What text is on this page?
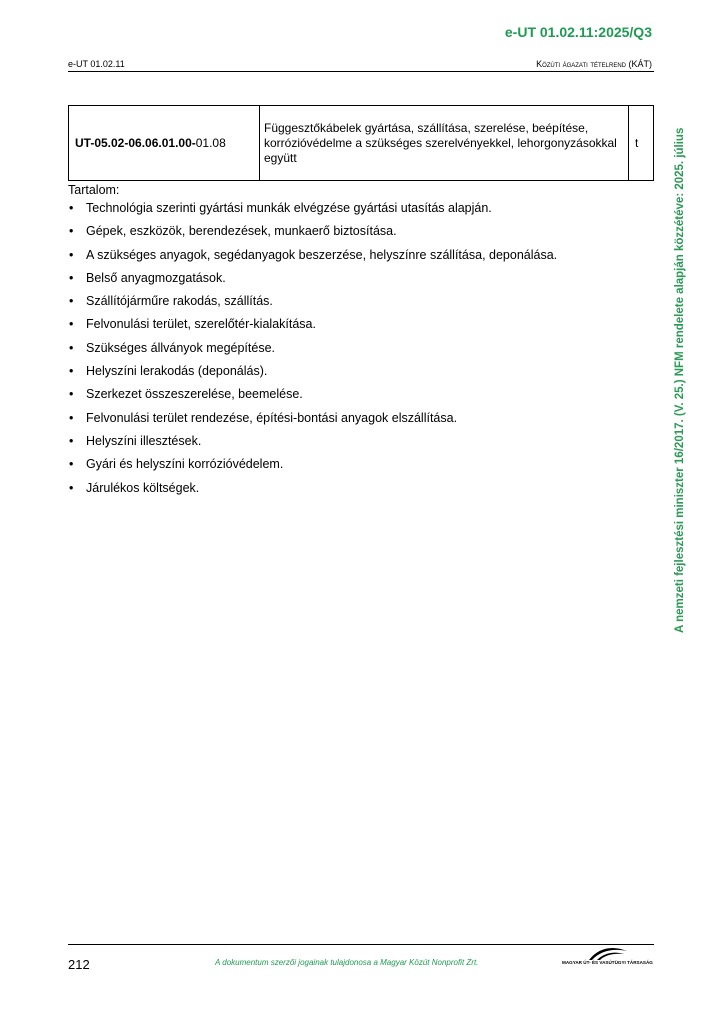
e-UT 01.02.11:2025/Q3
e-UT 01.02.11	Közúti ágazati tételrend (KÁT)
A nemzeti fejlesztési miniszter 16/2017. (V. 25.) NFM rendelete alapján közzétéve: 2025. július
UT-05.02-06.06.01.00-01.08	Függesztőkábelek gyártása, szállítása, szerelése, beépítése, korrózióvédelme a szükséges szerelvényekkel, lehorgonyzásokkal együtt	t
Tartalom:
• Technológia szerinti gyártási munkák elvégzése gyártási utasítás alapján.
• Gépek, eszközök, berendezések, munkaerő biztosítása.
• A szükséges anyagok, segédanyagok beszerzése, helyszínre szállítása, deponálása.
• Belső anyagmozgatások.
• Szállítójárműre rakodás, szállítás.
• Felvonulási terület, szerelőtér-kialakítása.
• Szükséges állványok megépítése.
• Helyszíni lerakodás (deponálás).
• Szerkezet összeszerelése, beemelése.
• Felvonulási terület rendezése, építési-bontási anyagok elszállítása.
• Helyszíni illesztések.
• Gyári és helyszíni korrózióvédelem.
• Járulékos költségek.
212	A dokumentum szerzői jogainak tulajdonosa a Magyar Közút Nonprofit Zrt.	MAGYAR ÚT- ÉS VASÚTÜGYI TÁRSASÁG
